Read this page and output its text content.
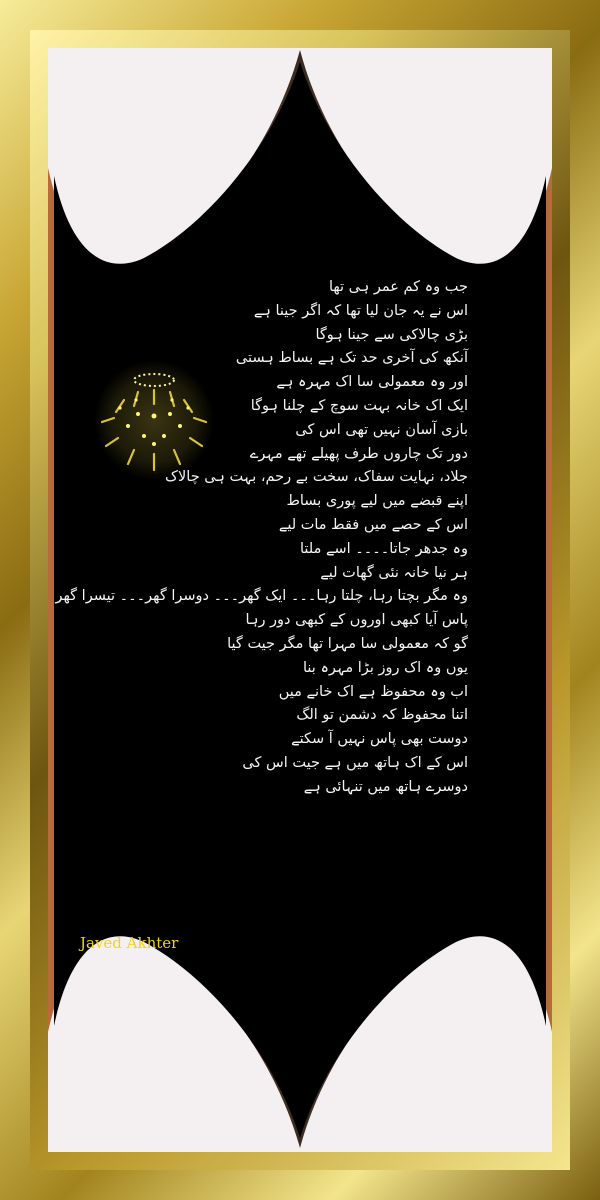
جب وہ کم عمر ہی تھا
اس نے یہ جان لیا تھا کہ اگر جینا ہے
بڑی چالاکی سے جینا ہوگا
آنکھ کی آخری حد تک ہے بساط ہستی
اور وہ معمولی سا اک مہرہ ہے
ایک اک خانہ بہت سوچ کے چلنا ہوگا
بازی آسان نہیں تھی اس کی
دور تک چاروں طرف پھیلے تھے مہرے
جلاد، نہایت سفاک، سخت بے رحم، بہت ہی چالاک
اپنے قبضے میں لیے پوری بساط
اس کے حصے میں فقط مات لیے
وہ جدھر جاتا۔۔۔۔ اسے ملتا
ہر نیا خانہ نئی گھات لیے
وہ مگر بچتا رہا، چلتا رہا۔۔۔ ایک گھر۔۔۔ دوسرا گھر۔۔۔ تیسرا گھر
پاس آیا کبھی اوروں کے کبھی دور رہا
گو کہ معمولی سا مہرا تھا مگر جیت گیا
یوں وہ اک روز بڑا مہرہ بنا
اب وہ محفوظ ہے اک خانے میں
اتنا محفوظ کہ دشمن تو الگ
دوست بھی پاس نہیں آ سکتے
اس کے اک ہاتھ میں ہے جیت اس کی
دوسرے ہاتھ میں تنہائی ہے
Javed Akhter
